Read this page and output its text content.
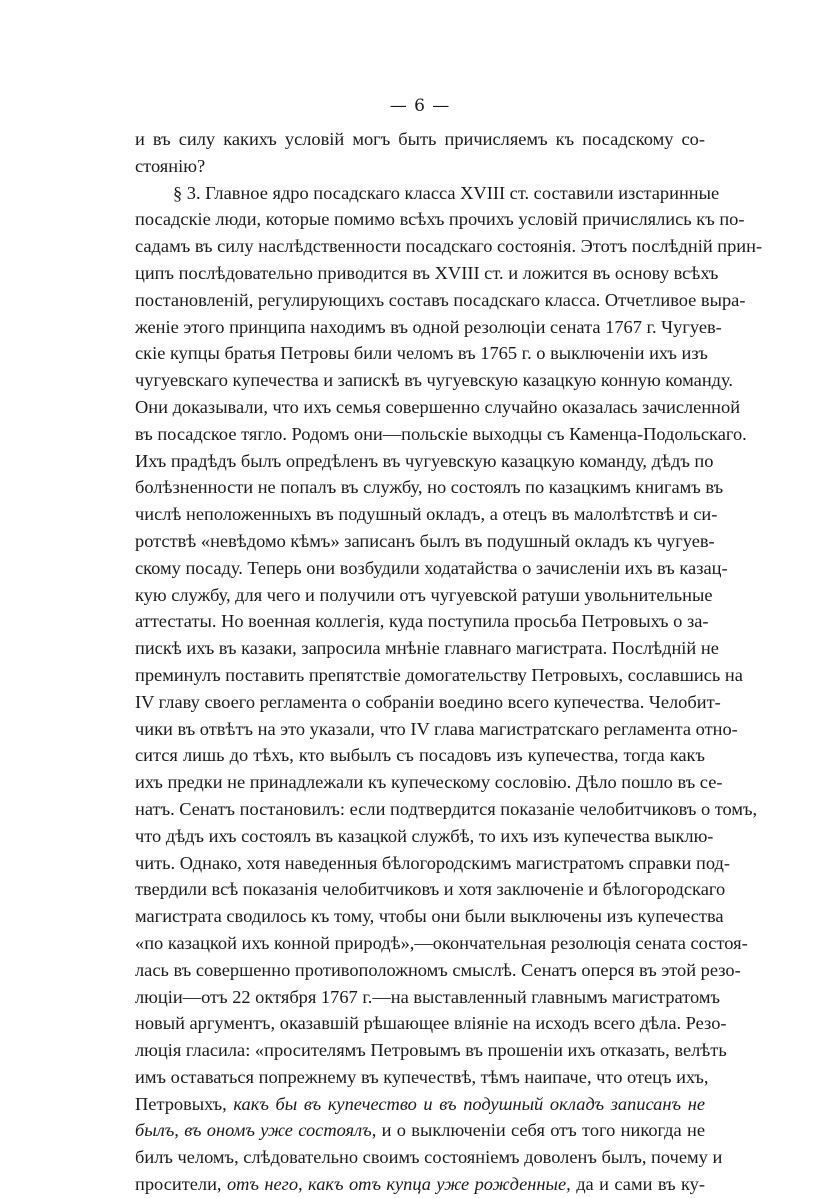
— 6 —
и въ силу какихъ условій могъ быть причисляемъ къ посадскому со-
стоянію?
§ 3. Главное ядро посадскаго класса XVIII ст. составили изстаринные
посадскіе люди, которые помимо всѣхъ прочихъ условій причислялись къ по-
садамъ въ силу наслѣдственности посадскаго состоянія. Этотъ послѣдній прин-
ципъ послѣдовательно приводится въ XVIII ст. и ложится въ основу всѣхъ
постановленій, регулирующихъ составъ посадскаго класса. Отчетливое выра-
женіе этого принципа находимъ въ одной резолюціи сената 1767 г. Чугуев-
скіе купцы братья Петровы били челомъ въ 1765 г. о выключеніи ихъ изъ
чугуевскаго купечества и запискѣ въ чугуевскую казацкую конную команду.
Они доказывали, что ихъ семья совершенно случайно оказалась зачисленной
въ посадское тягло. Родомъ они—польскіе выходцы съ Каменца-Подольскаго.
Ихъ прадѣдъ былъ опредѣленъ въ чугуевскую казацкую команду, дѣдъ по
болѣзненности не попалъ въ службу, но состоялъ по казацкимъ книгамъ въ
числѣ неположенныхъ въ подушный окладъ, а отецъ въ малолѣтствѣ и си-
ротствѣ «невѣдомо кѣмъ» записанъ былъ въ подушный окладъ къ чугуев-
скому посаду. Теперь они возбудили ходатайства о зачисленіи ихъ въ казац-
кую службу, для чего и получили отъ чугуевской ратуши увольнительные
аттестаты. Но военная коллегія, куда поступила просьба Петровыхъ о за-
пискѣ ихъ въ казаки, запросила мнѣніе главнаго магистрата. Послѣдній не
преминулъ поставить препятствіе домогательству Петровыхъ, сославшись на
IV главу своего регламента о собраніи воедино всего купечества. Челобит-
чики въ отвѣтъ на это указали, что IV глава магистратскаго регламента отно-
сится лишь до тѣхъ, кто выбылъ съ посадовъ изъ купечества, тогда какъ
ихъ предки не принадлежали къ купеческому сословію. Дѣло пошло въ се-
натъ. Сенатъ постановилъ: если подтвердится показаніе челобитчиковъ о томъ,
что дѣдъ ихъ состоялъ въ казацкой службѣ, то ихъ изъ купечества выклю-
чить. Однако, хотя наведенныя бѣлогородскимъ магистратомъ справки под-
твердили всѣ показанія челобитчиковъ и хотя заключеніе и бѣлогородскаго
магистрата сводилось къ тому, чтобы они были выключены изъ купечества
«по казацкой ихъ конной природѣ»,—окончательная резолюція сената состоя-
лась въ совершенно противоположномъ смыслѣ. Сенатъ оперся въ этой резо-
люціи—отъ 22 октября 1767 г.—на выставленный главнымъ магистратомъ
новый аргументъ, оказавшій рѣшающее вліяніе на исходъ всего дѣла. Резо-
люція гласила: «просителямъ Петровымъ въ прошеніи ихъ отказать, велѣть
имъ оставаться попрежнему въ купечествѣ, тѣмъ наипаче, что отецъ ихъ,
Петровыхъ, какъ бы въ купечество и въ подушный окладъ записанъ не
былъ, въ ономъ уже состоялъ, и о выключеніи себя отъ того никогда не
билъ челомъ, слѣдовательно своимъ состояніемъ доволенъ былъ, почему и
просители, отъ него, какъ отъ купца уже рожденные, да и сами въ ку-
